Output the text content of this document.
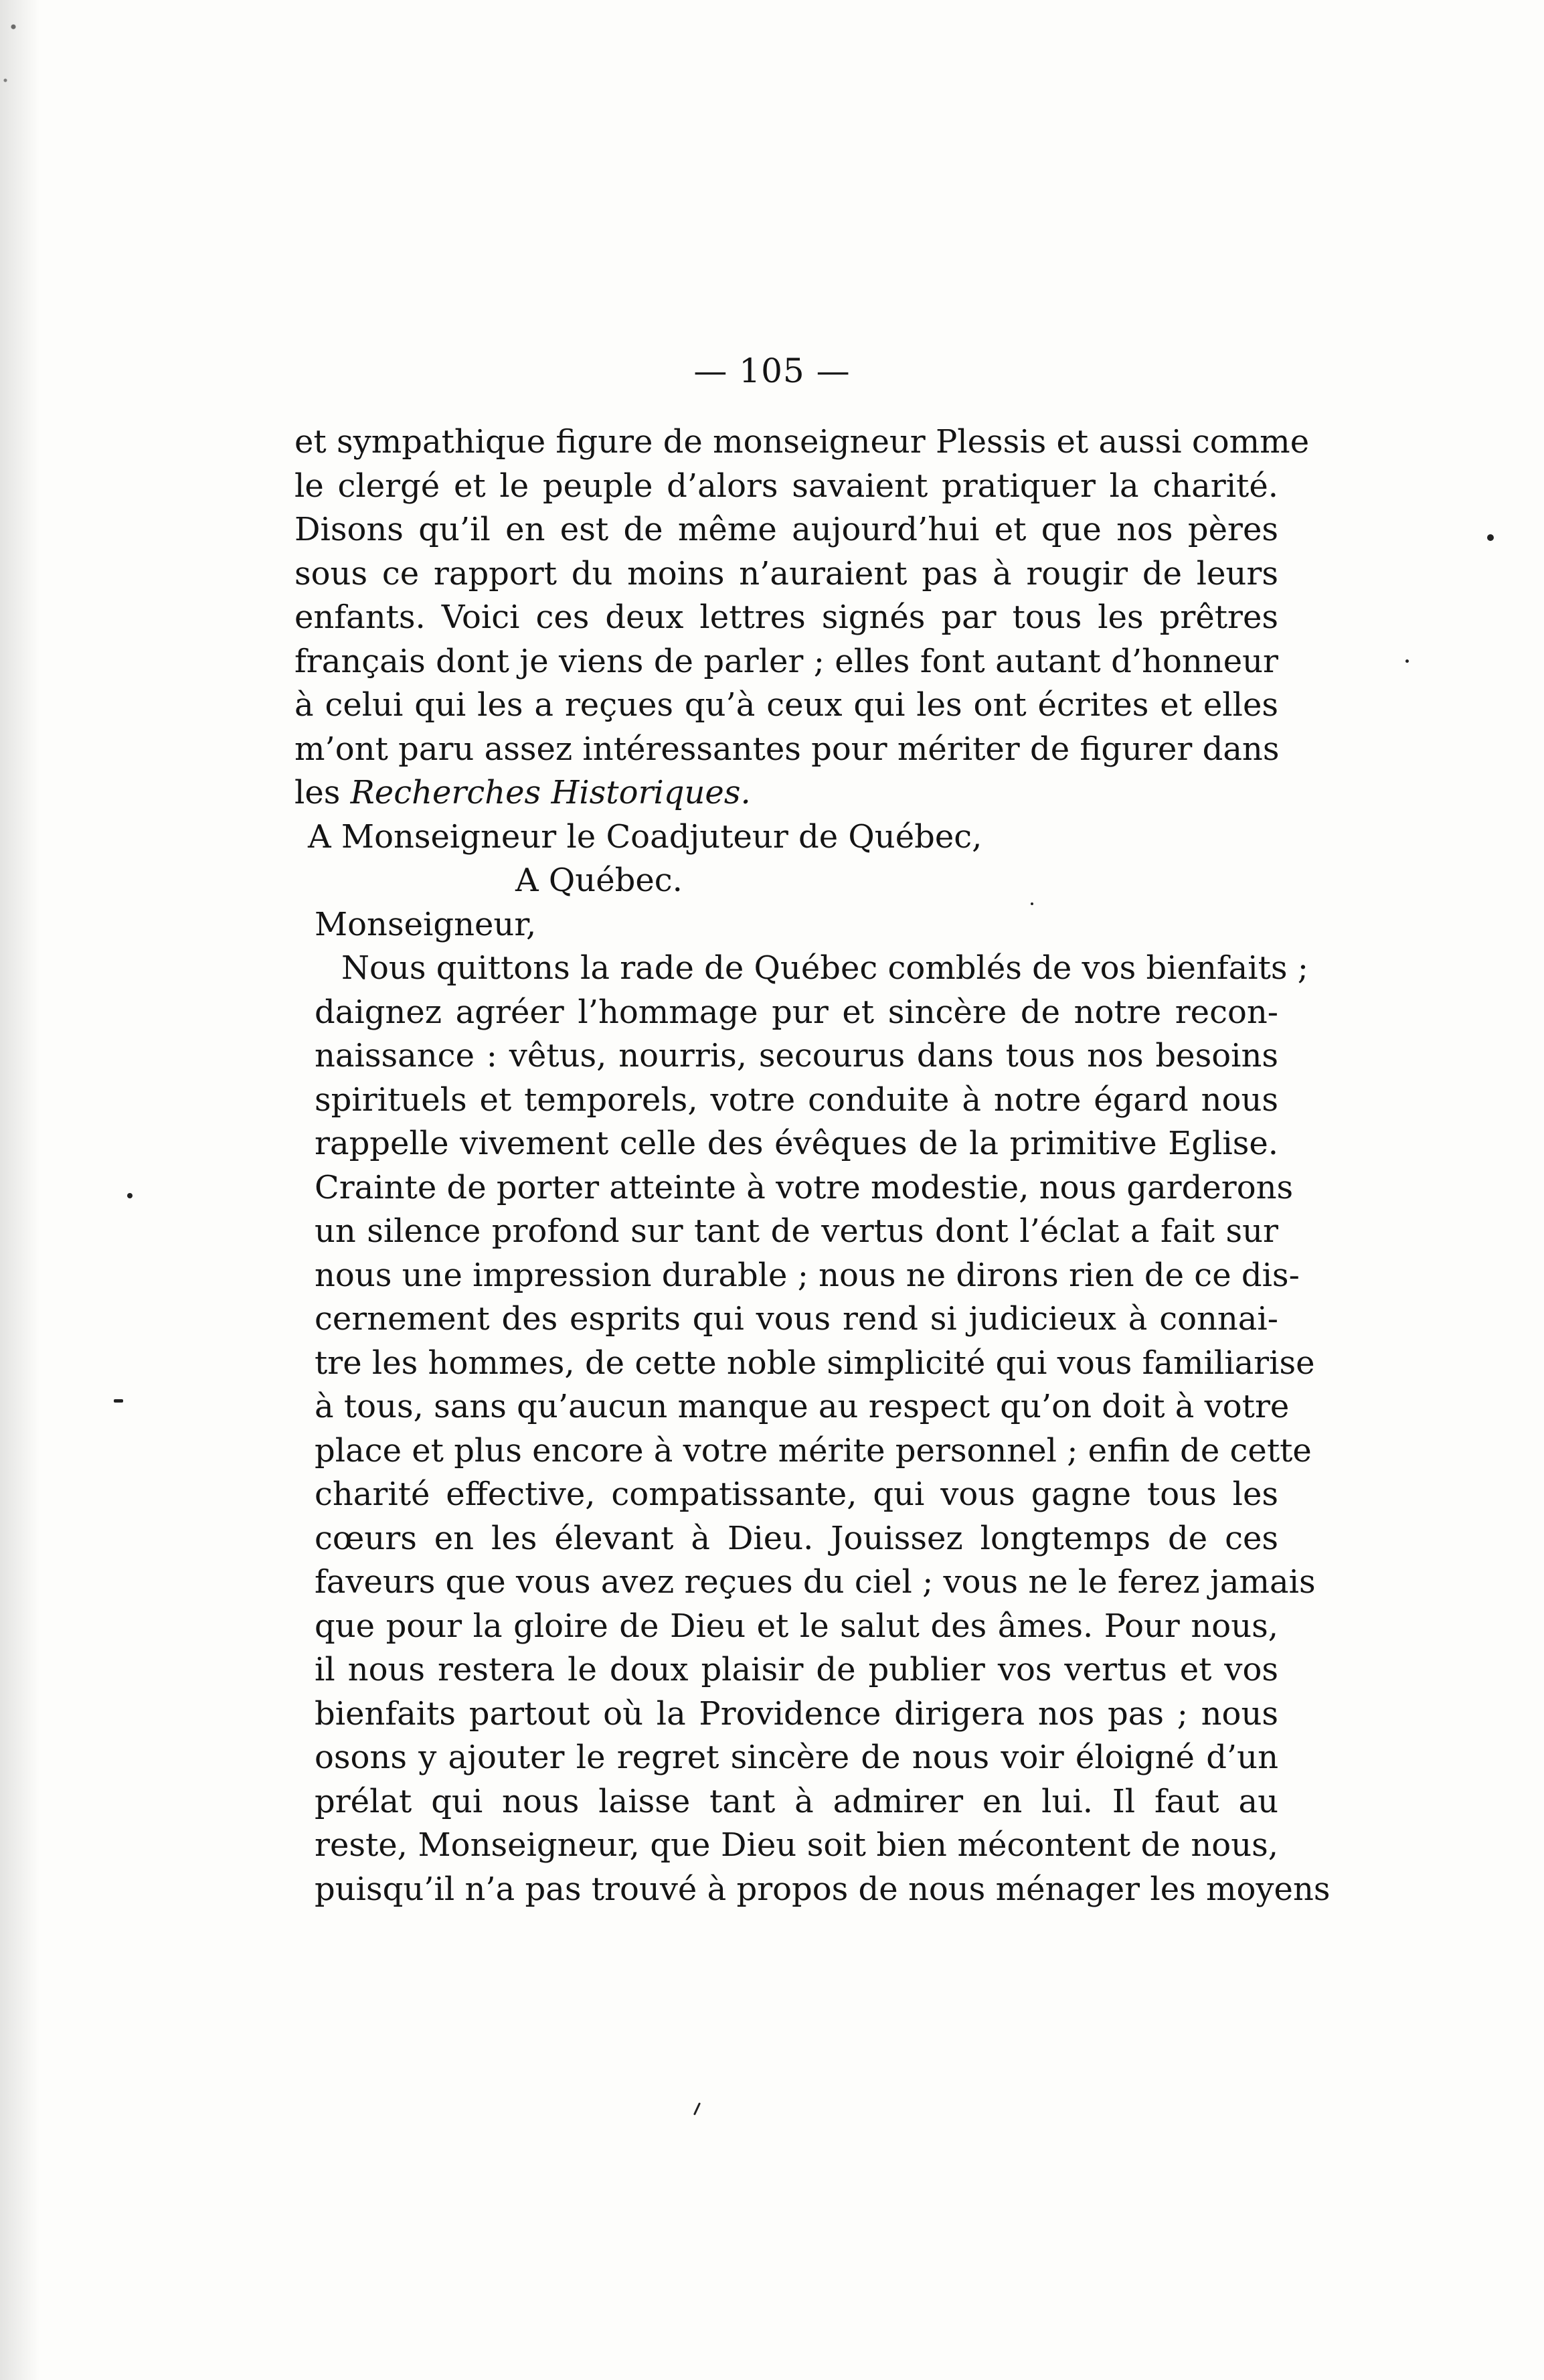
— 105 —
et sympathique figure de monseigneur Plessis et aussi comme
le clergé et le peuple d’alors savaient pratiquer la charité.
Disons qu’il en est de même aujourd’hui et que nos pères
sous ce rapport du moins n’auraient pas à rougir de leurs
enfants. Voici ces deux lettres signés par tous les prêtres
français dont je viens de parler ; elles font autant d’honneur
à celui qui les a reçues qu’à ceux qui les ont écrites et elles
m’ont paru assez intéressantes pour mériter de figurer dans
les Recherches Historiques.
A Monseigneur le Coadjuteur de Québec,
A Québec.
Monseigneur,
Nous quittons la rade de Québec comblés de vos bienfaits ;
daignez agréer l’hommage pur et sincère de notre recon-
naissance : vêtus, nourris, secourus dans tous nos besoins
spirituels et temporels, votre conduite à notre égard nous
rappelle vivement celle des évêques de la primitive Eglise.
Crainte de porter atteinte à votre modestie, nous garderons
un silence profond sur tant de vertus dont l’éclat a fait sur
nous une impression durable ; nous ne dirons rien de ce dis-
cernement des esprits qui vous rend si judicieux à connai-
tre les hommes, de cette noble simplicité qui vous familiarise
à tous, sans qu’aucun manque au respect qu’on doit à votre
place et plus encore à votre mérite personnel ; enfin de cette
charité effective, compatissante, qui vous gagne tous les
cœurs en les élevant à Dieu. Jouissez longtemps de ces
faveurs que vous avez reçues du ciel ; vous ne le ferez jamais
que pour la gloire de Dieu et le salut des âmes. Pour nous,
il nous restera le doux plaisir de publier vos vertus et vos
bienfaits partout où la Providence dirigera nos pas ; nous
osons y ajouter le regret sincère de nous voir éloigné d’un
prélat qui nous laisse tant à admirer en lui. Il faut au
reste, Monseigneur, que Dieu soit bien mécontent de nous,
puisqu’il n’a pas trouvé à propos de nous ménager les moyens
